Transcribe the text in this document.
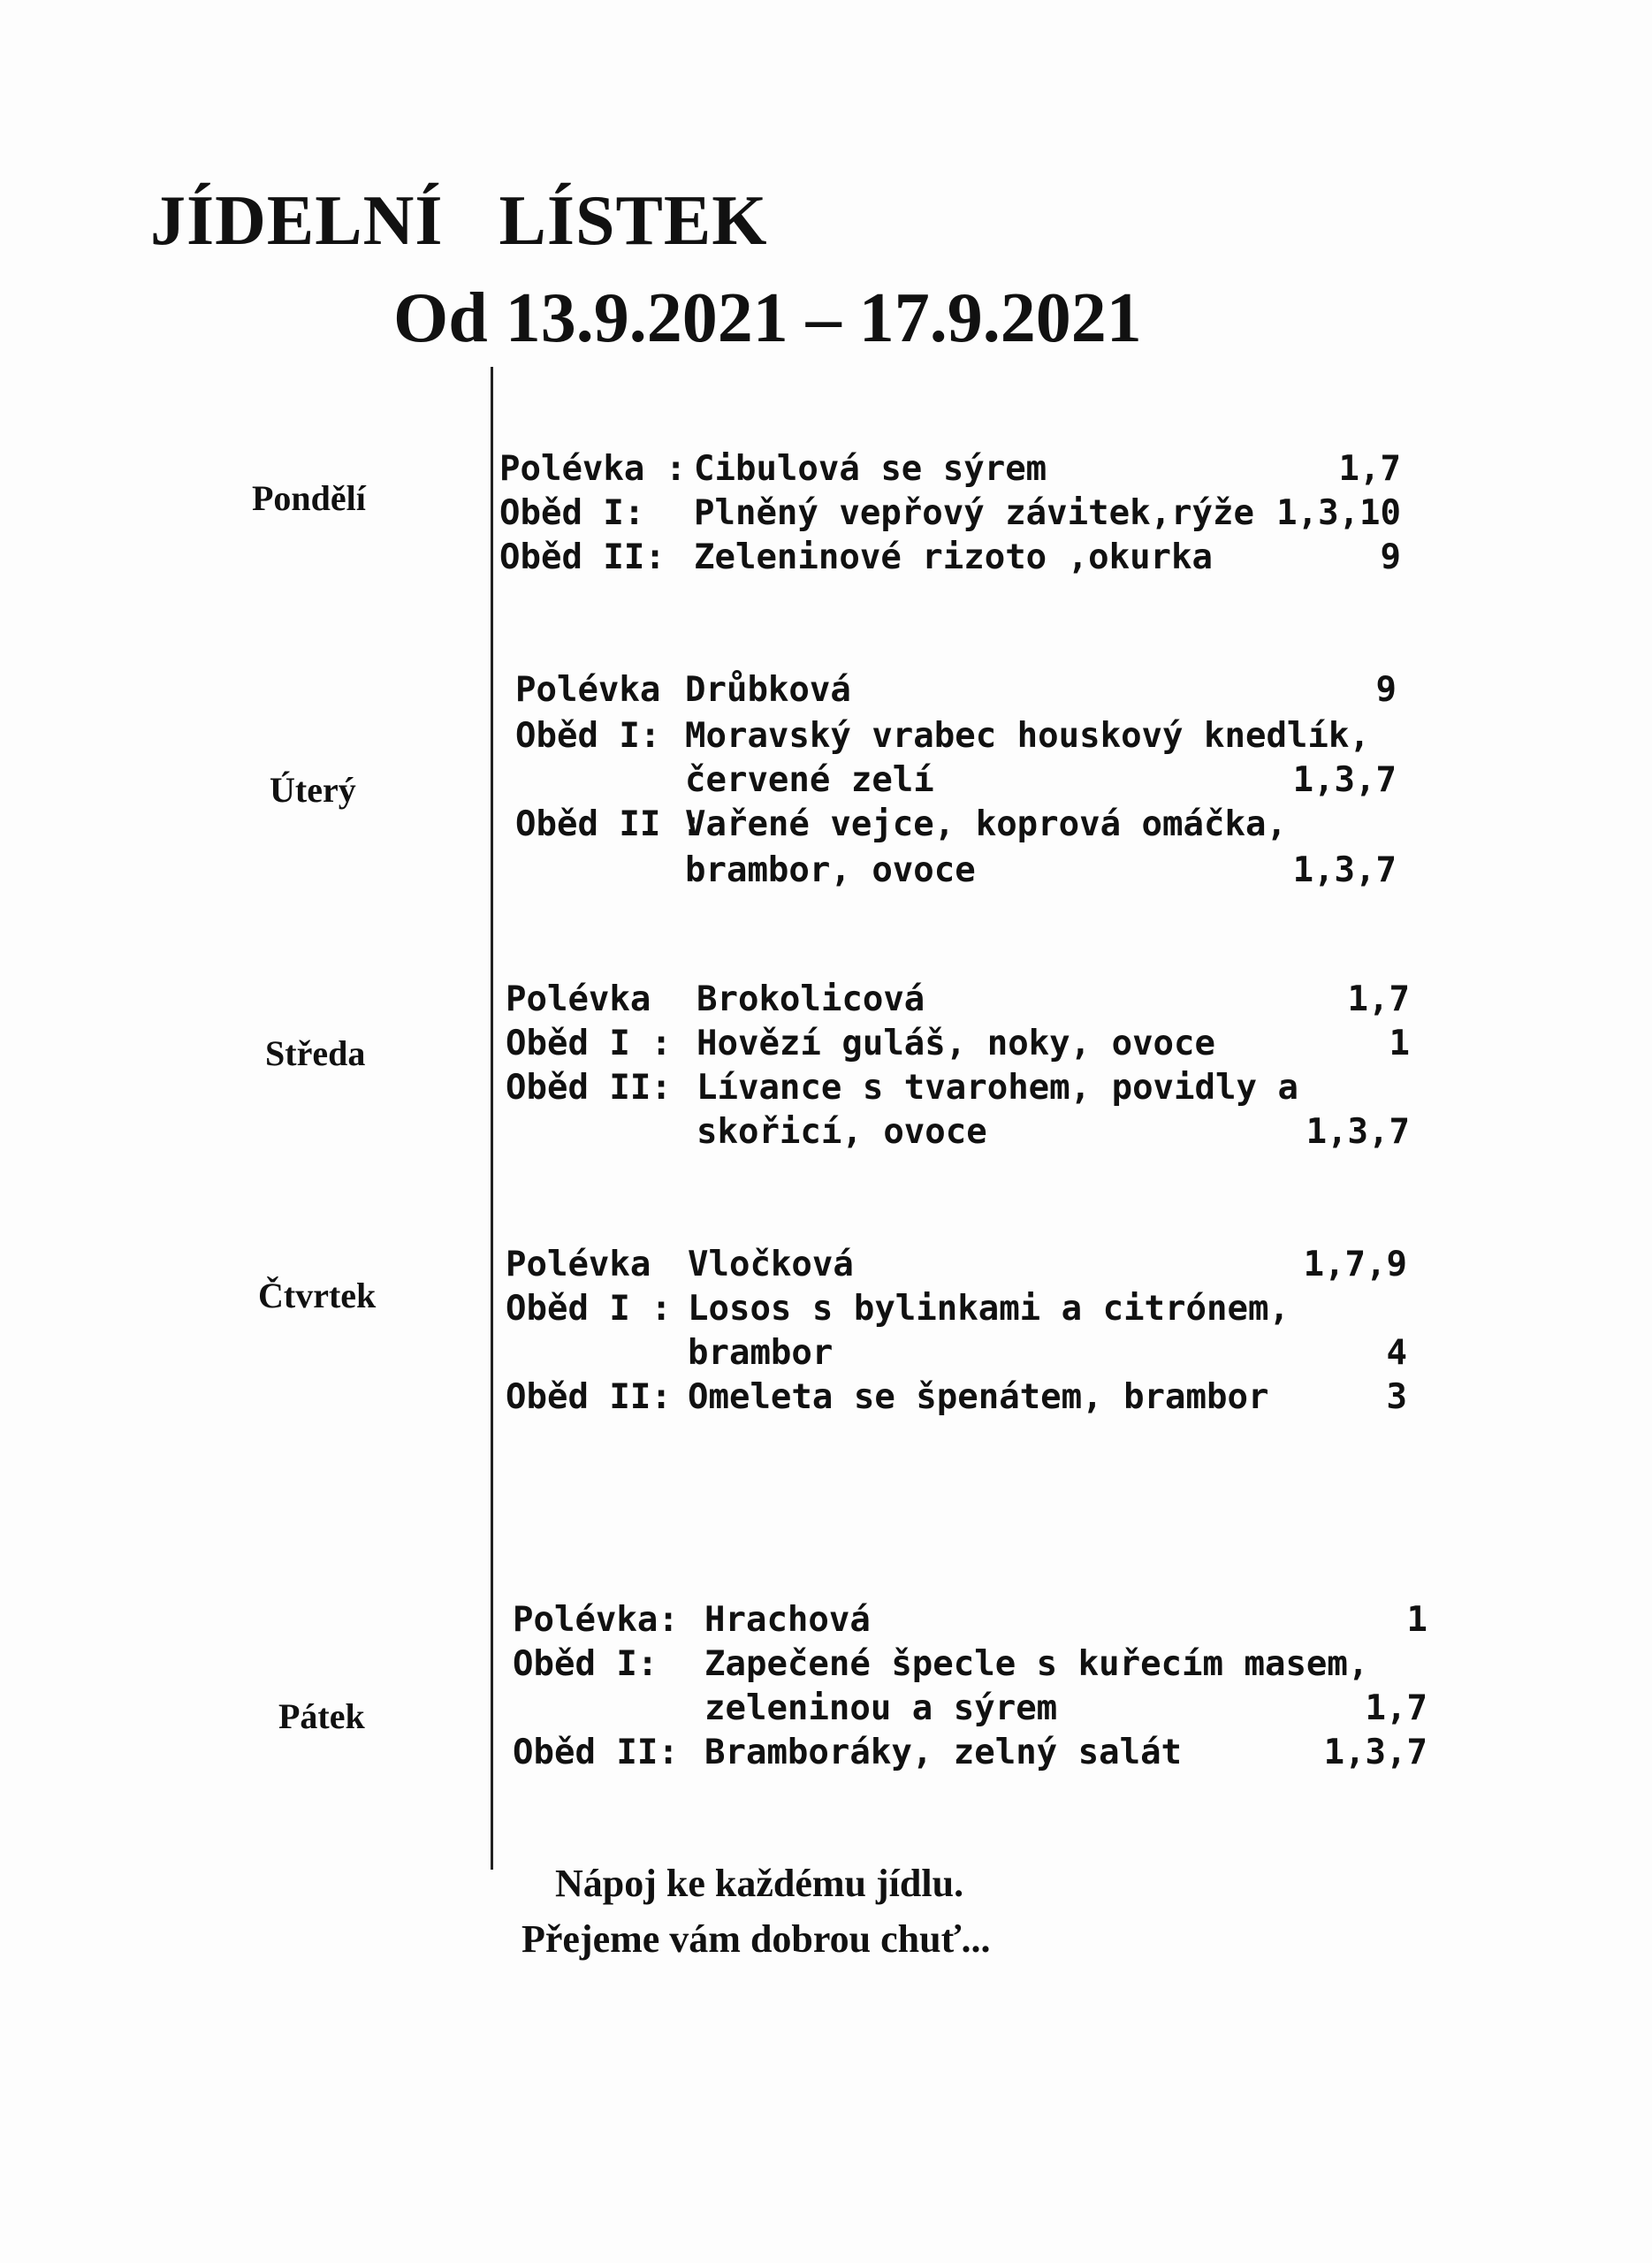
JÍDELNÍ   LÍSTEK
Od 13.9.2021 – 17.9.2021
Pondělí
Polévka : Cibulová se sýrem	1,7
Oběd I: Plněný vepřový závitek,rýže 1,3,10
Oběd II: Zeleninové rizoto ,okurka	9
Úterý
Polévka Drůbková	9
Oběd I: Moravský vrabec houskový knedlík,
červené zelí	1,3,7
Oběd II :
Vařené vejce, koprová omáčka,
brambor, ovoce	1,3,7
Středa
Polévka Brokolicová	1,7
Oběd I : Hovězí guláš, noky, ovoce	1
Oběd II: Lívance s tvarohem, povidly a
skořicí, ovoce	1,3,7
Čtvrtek
Polévka Vločková	1,7,9
Oběd I : Losos s bylinkami a citrónem,
brambor	4
Oběd II: Omeleta se špenátem, brambor	3
Pátek
Polévka: Hrachová	1
Oběd I: Zapečené špecle s kuřecím masem,
zeleninou a sýrem	1,7
Oběd II: Bramboráky, zelný salát	1,3,7
Nápoj ke každému jídlu.
Přejeme vám dobrou chuť...
